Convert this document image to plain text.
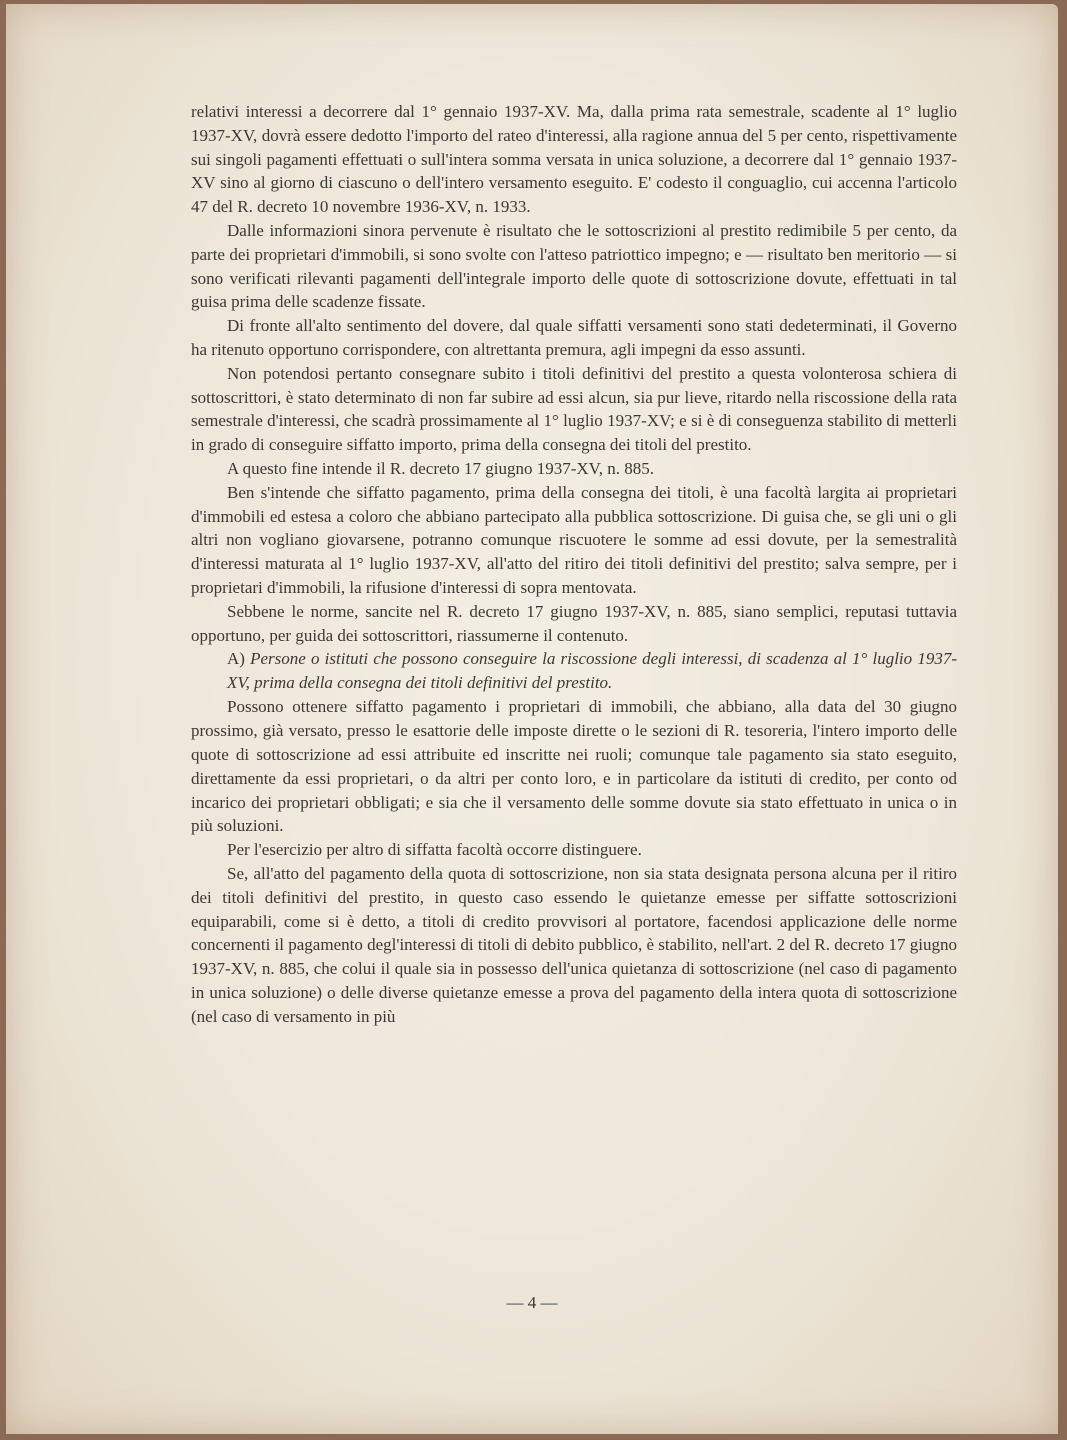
relativi interessi a decorrere dal 1° gennaio 1937-XV. Ma, dalla prima rata semestrale, scadente al 1° luglio 1937-XV, dovrà essere dedotto l'importo del rateo d'interessi, alla ragione annua del 5 per cento, rispettivamente sui singoli pagamenti effettuati o sull'intera somma versata in unica soluzione, a decorrere dal 1° gennaio 1937-XV sino al giorno di ciascuno o dell'intero versamento eseguito. E' codesto il conguaglio, cui accenna l'articolo 47 del R. decreto 10 novembre 1936-XV, n. 1933.

Dalle informazioni sinora pervenute è risultato che le sottoscrizioni al prestito redimibile 5 per cento, da parte dei proprietari d'immobili, si sono svolte con l'atteso patriottico impegno; e — risultato ben meritorio — si sono verificati rilevanti pagamenti dell'integrale importo delle quote di sottoscrizione dovute, effettuati in tal guisa prima delle scadenze fissate.

Di fronte all'alto sentimento del dovere, dal quale siffatti versamenti sono stati dedeterminati, il Governo ha ritenuto opportuno corrispondere, con altrettanta premura, agli impegni da esso assunti.

Non potendosi pertanto consegnare subito i titoli definitivi del prestito a questa volonterosa schiera di sottoscrittori, è stato determinato di non far subire ad essi alcun, sia pur lieve, ritardo nella riscossione della rata semestrale d'interessi, che scadrà prossimamente al 1° luglio 1937-XV; e si è di conseguenza stabilito di metterli in grado di conseguire siffatto importo, prima della consegna dei titoli del prestito.

A questo fine intende il R. decreto 17 giugno 1937-XV, n. 885.

Ben s'intende che siffatto pagamento, prima della consegna dei titoli, è una facoltà largita ai proprietari d'immobili ed estesa a coloro che abbiano partecipato alla pubblica sottoscrizione. Di guisa che, se gli uni o gli altri non vogliano giovarsene, potranno comunque riscuotere le somme ad essi dovute, per la semestralità d'interessi maturata al 1° luglio 1937-XV, all'atto del ritiro dei titoli definitivi del prestito; salva sempre, per i proprietari d'immobili, la rifusione d'interessi di sopra mentovata.

Sebbene le norme, sancite nel R. decreto 17 giugno 1937-XV, n. 885, siano semplici, reputasi tuttavia opportuno, per guida dei sottoscrittori, riassumerne il contenuto.

A) Persone o istituti che possono conseguire la riscossione degli interessi, di scadenza al 1° luglio 1937-XV, prima della consegna dei titoli definitivi del prestito.

Possono ottenere siffatto pagamento i proprietari di immobili, che abbiano, alla data del 30 giugno prossimo, già versato, presso le esattorie delle imposte dirette o le sezioni di R. tesoreria, l'intero importo delle quote di sottoscrizione ad essi attribuite ed inscritte nei ruoli; comunque tale pagamento sia stato eseguito, direttamente da essi proprietari, o da altri per conto loro, e in particolare da istituti di credito, per conto od incarico dei proprietari obbligati; e sia che il versamento delle somme dovute sia stato effettuato in unica o in più soluzioni.

Per l'esercizio per altro di siffatta facoltà occorre distinguere.

Se, all'atto del pagamento della quota di sottoscrizione, non sia stata designata persona alcuna per il ritiro dei titoli definitivi del prestito, in questo caso essendo le quietanze emesse per siffatte sottoscrizioni equiparabili, come si è detto, a titoli di credito provvisori al portatore, facendosi applicazione delle norme concernenti il pagamento degl'interessi di titoli di debito pubblico, è stabilito, nell'art. 2 del R. decreto 17 giugno 1937-XV, n. 885, che colui il quale sia in possesso dell'unica quietanza di sottoscrizione (nel caso di pagamento in unica soluzione) o delle diverse quietanze emesse a prova del pagamento della intera quota di sottoscrizione (nel caso di versamento in più

— 4 —
